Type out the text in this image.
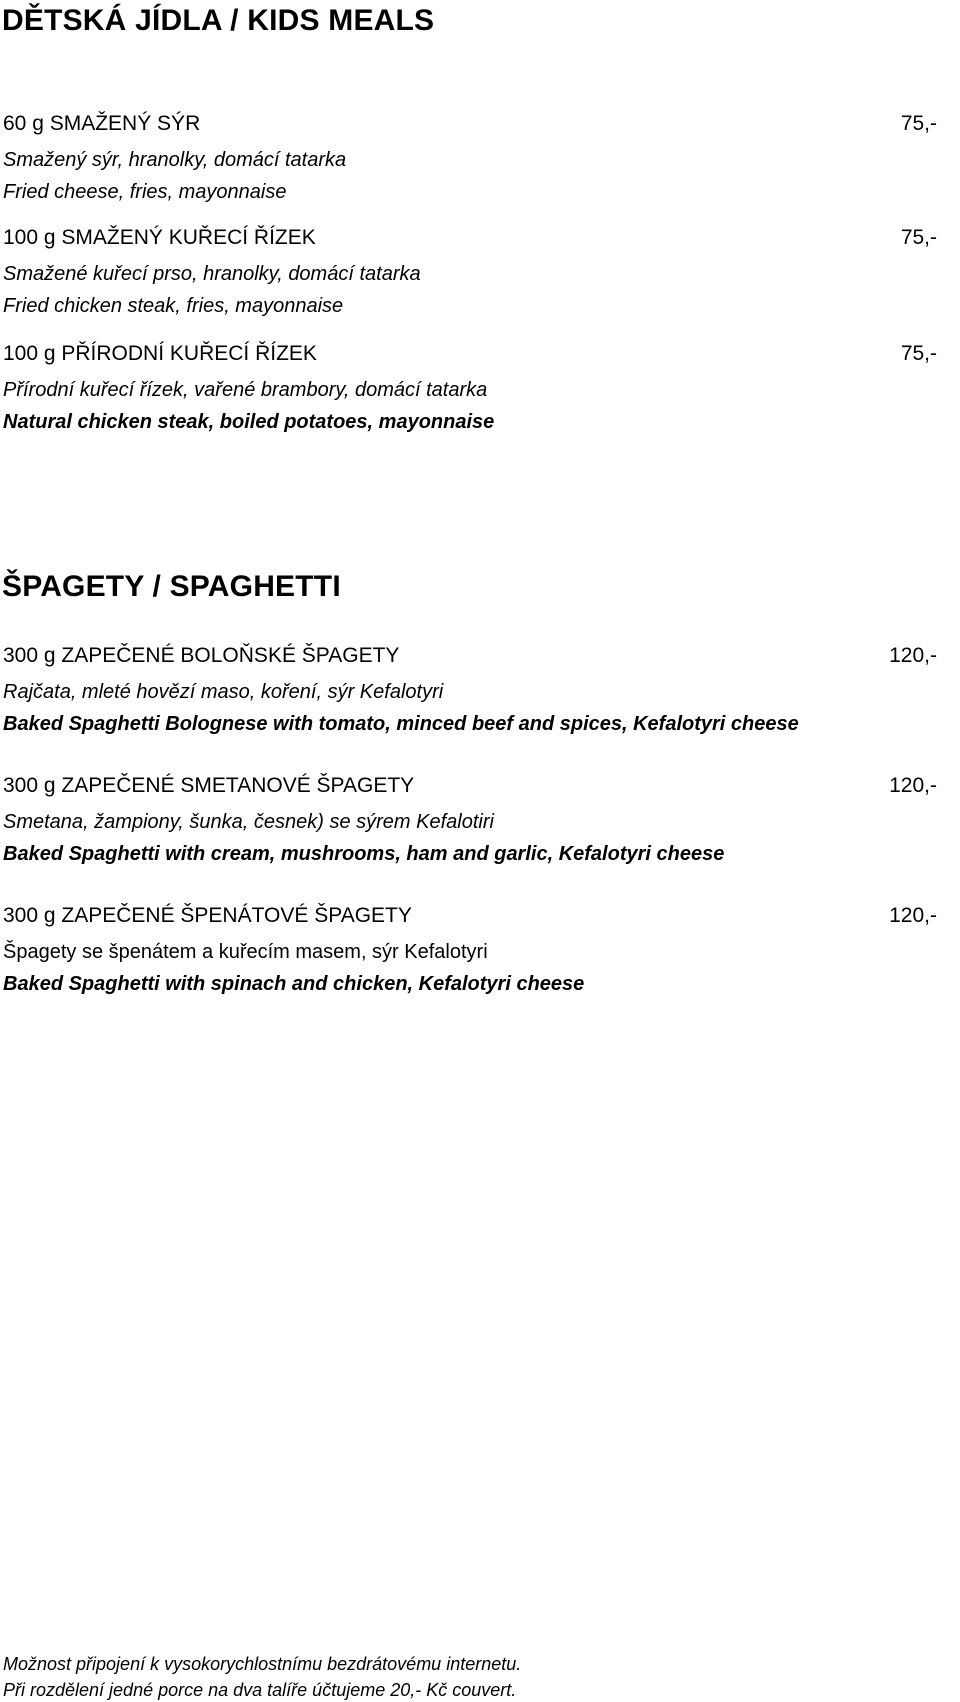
DĚTSKÁ JÍDLA / KIDS MEALS
60 g SMAŽENÝ SÝR	75,-
Smažený sýr, hranolky, domácí tatarka
Fried cheese, fries, mayonnaise
100 g SMAŽENÝ KUŘECÍ ŘÍZEK	75,-
Smažené kuřecí prso, hranolky, domácí tatarka
Fried chicken steak, fries, mayonnaise
100 g PŘÍRODNÍ KUŘECÍ ŘÍZEK	75,-
Přírodní kuřecí řízek, vařené brambory, domácí tatarka
Natural chicken steak, boiled potatoes, mayonnaise
ŠPAGETY / SPAGHETTI
300 g ZAPEČENÉ BOLOŇSKÉ ŠPAGETY	120,-
Rajčata, mleté hovězí maso, koření, sýr Kefalotyri
Baked Spaghetti Bolognese with tomato, minced beef and spices, Kefalotyri cheese
300 g ZAPEČENÉ SMETANOVÉ ŠPAGETY	120,-
Smetana, žampiony, šunka, česnek) se sýrem Kefalotiri
Baked Spaghetti with cream, mushrooms, ham and garlic, Kefalotyri cheese
300 g ZAPEČENÉ ŠPENÁTOVÉ ŠPAGETY	120,-
Špagety se špenátem a kuřecím masem, sýr Kefalotyri
Baked Spaghetti with spinach and chicken, Kefalotyri cheese
Možnost připojení k vysokorychlostnímu bezdrátovému internetu.
Při rozdělení jedné porce na dva talíře účtujeme 20,- Kč couvert.
